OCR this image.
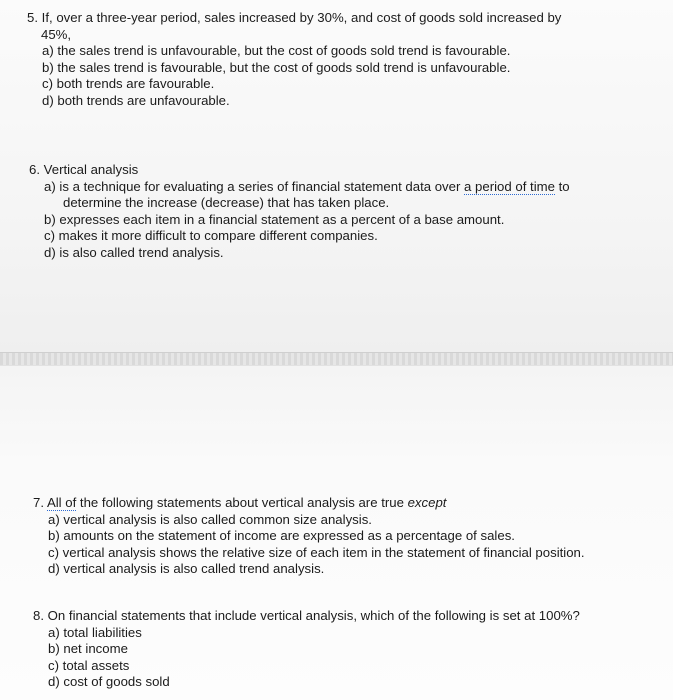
5. If, over a three-year period, sales increased by 30%, and cost of goods sold increased by
45%,
a) the sales trend is unfavourable, but the cost of goods sold trend is favourable.
b) the sales trend is favourable, but the cost of goods sold trend is unfavourable.
c) both trends are favourable.
d) both trends are unfavourable.
6. Vertical analysis
a) is a technique for evaluating a series of financial statement data over a period of time to
determine the increase (decrease) that has taken place.
b) expresses each item in a financial statement as a percent of a base amount.
c) makes it more difficult to compare different companies.
d) is also called trend analysis.
7. All of the following statements about vertical analysis are true except
a) vertical analysis is also called common size analysis.
b) amounts on the statement of income are expressed as a percentage of sales.
c) vertical analysis shows the relative size of each item in the statement of financial position.
d) vertical analysis is also called trend analysis.
8. On financial statements that include vertical analysis, which of the following is set at 100%?
a) total liabilities
b) net income
c) total assets
d) cost of goods sold
